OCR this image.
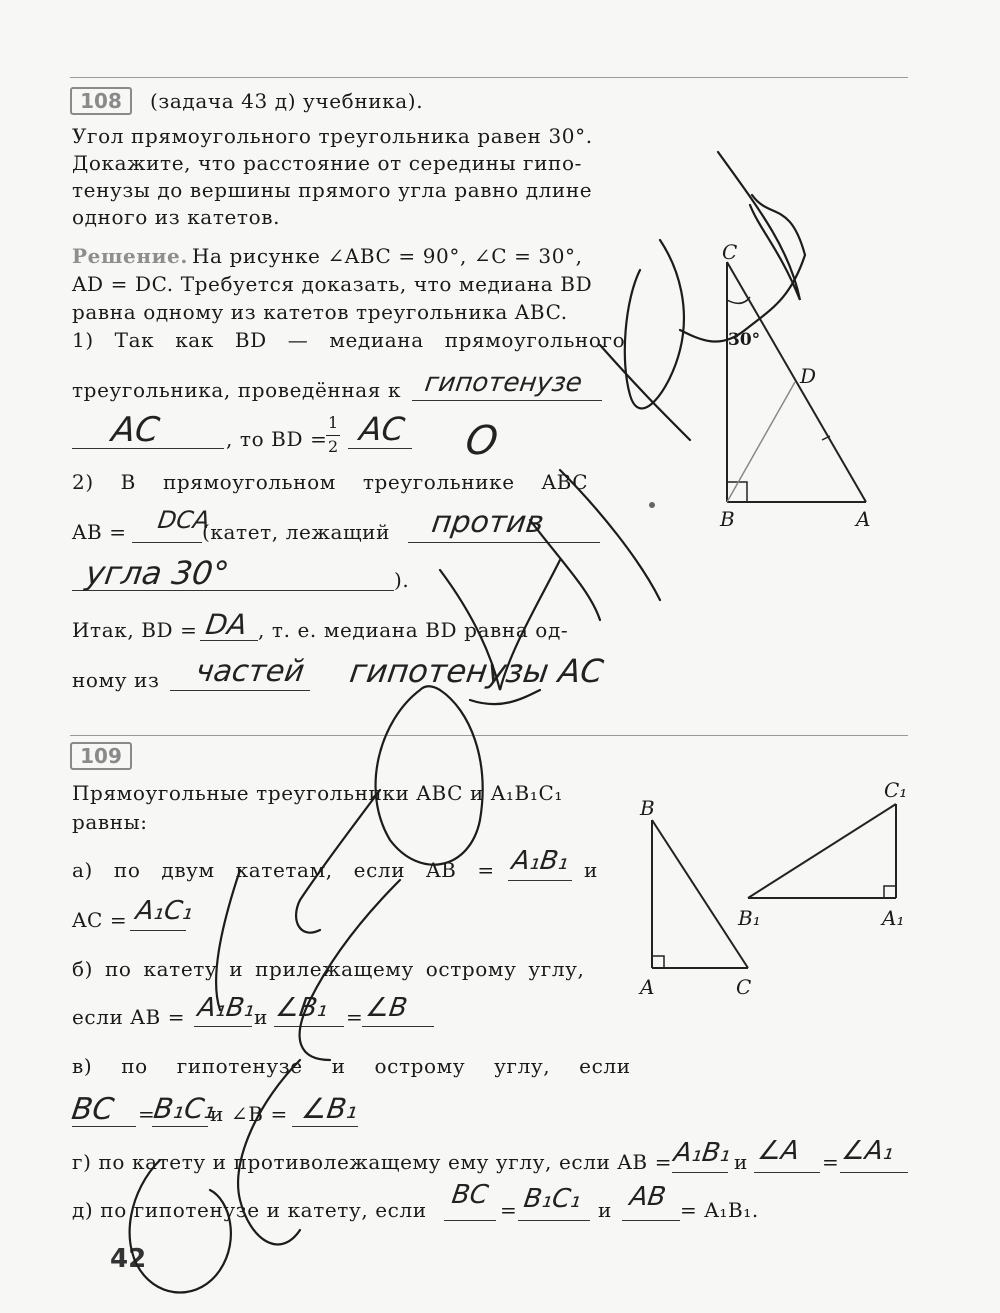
108	(задача 43 д) учебника).
Угол прямоугольного треугольника равен 30°.
Докажите, что расстояние от середины гипо-
тенузы до вершины прямого угла равно длине
одного из катетов.
Решение. На рисунке ∠ABC = 90°, ∠C = 30°,
AD = DC. Требуется доказать, что медиана BD
равна одному из катетов треугольника ABC.
1) Так как BD — медиана прямоугольного
треугольника, проведённая к гипотенузе
AC	, то BD =
1
2 AC O
2) В прямоугольном треугольнике ABC
AB = DCA
(катет, лежащий против
угла 30°	).
Итак, BD = DA , т. е. медиана BD равна од-
ному из частей гипотенузы AC
C
B	A
D
30°
109
Прямоугольные треугольники ABC и A₁B₁C₁
равны:
а) по двум катетам, если AB = A₁B₁ и
AC = A₁C₁
б) по катету и прилежащему острому углу,
если AB = A₁B₁
и ∠B₁ = ∠B
в) по гипотенузе и острому углу, если
BC =
B₁C₁
и ∠B = ∠B₁
г) по катету и противолежащему ему углу, если AB = A₁B₁ и ∠A = ∠A₁
д) по гипотенузе и катету, если BC = B₁C₁ и AB = A₁B₁.
B
A	C
C₁
B₁	A₁
42
